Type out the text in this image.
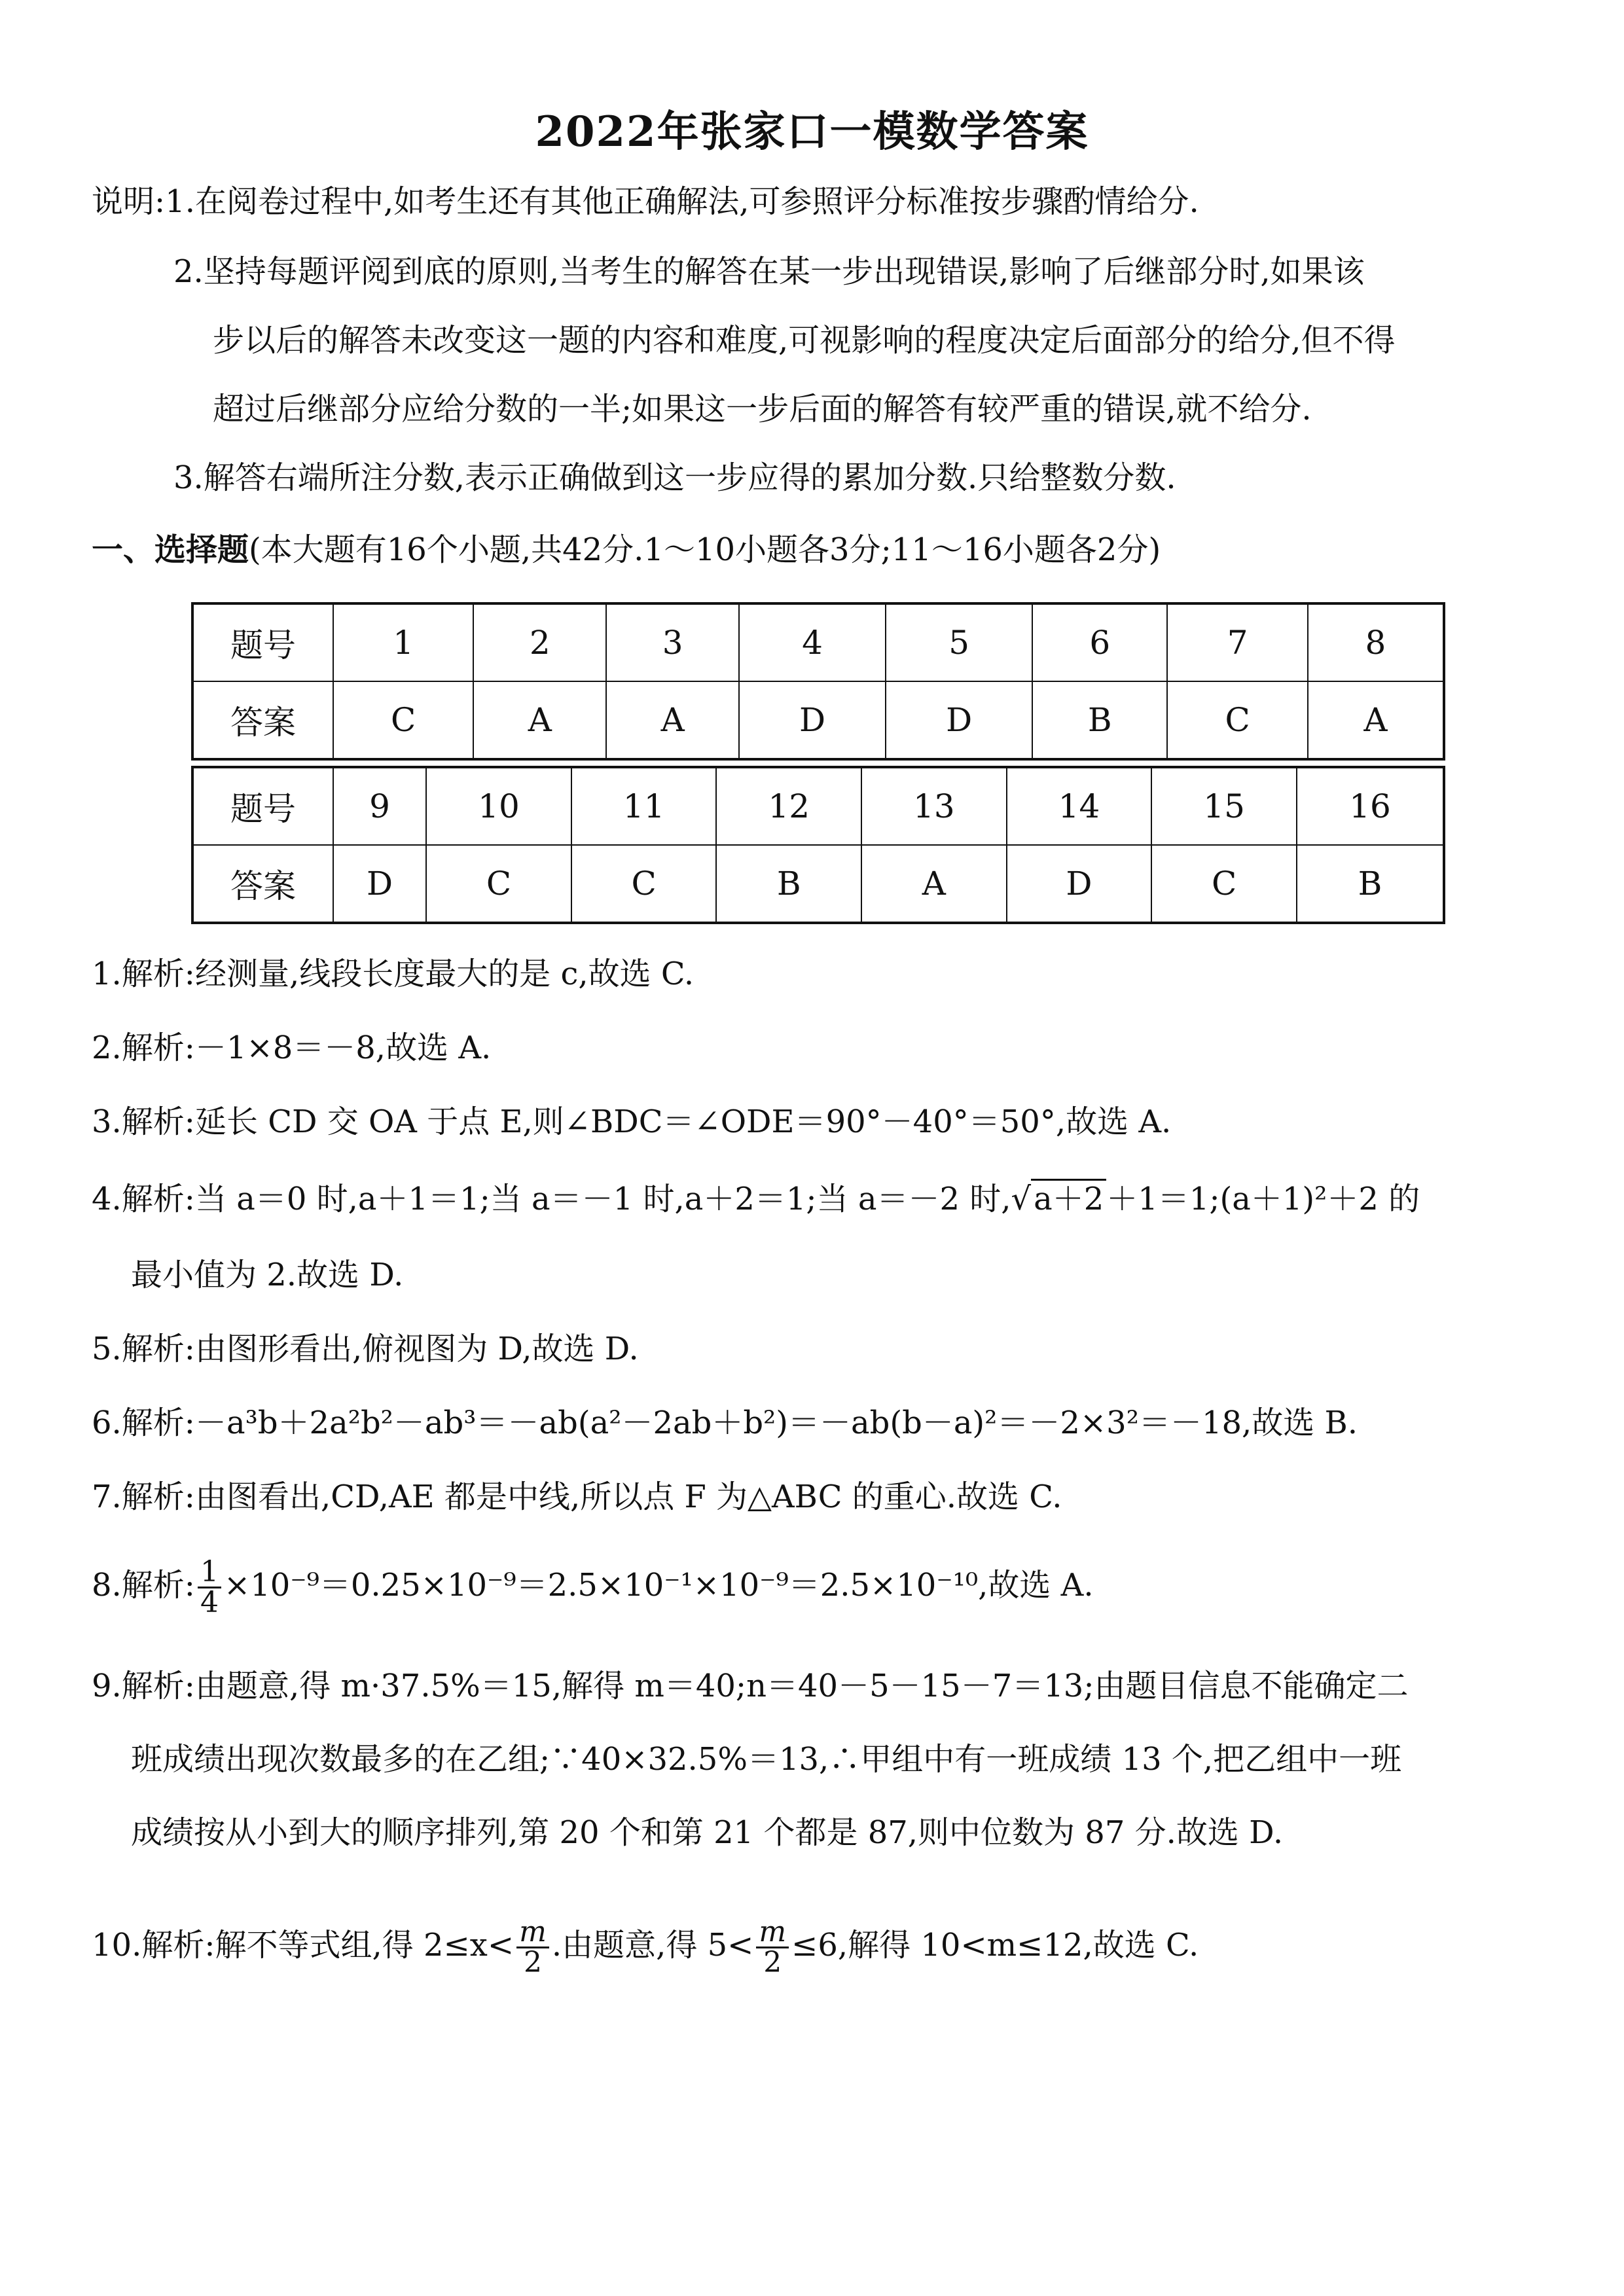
2022年张家口一模数学答案
说明:1.在阅卷过程中,如考生还有其他正确解法,可参照评分标准按步骤酌情给分.
2.坚持每题评阅到底的原则,当考生的解答在某一步出现错误,影响了后继部分时,如果该
步以后的解答未改变这一题的内容和难度,可视影响的程度决定后面部分的给分,但不得
超过后继部分应给分数的一半;如果这一步后面的解答有较严重的错误,就不给分.
3.解答右端所注分数,表示正确做到这一步应得的累加分数.只给整数分数.
一、选择题(本大题有16个小题,共42分.1～10小题各3分;11～16小题各2分)
题号	1	2	3	4	5	6	7	8
答案	C	A	A	D	D	B	C	A
题号	9	10	11	12	13	14	15	16
答案	D	C	C	B	A	D	C	B
1.解析:经测量,线段长度最大的是 c,故选 C.
2.解析:－1×8＝－8,故选 A.
3.解析:延长 CD 交 OA 于点 E,则∠BDC＝∠ODE＝90°－40°＝50°,故选 A.
4.解析:当 a＝0 时,a＋1＝1;当 a＝－1 时,a＋2＝1;当 a＝－2 时,√a＋2＋1＝1;(a＋1)²＋2 的
最小值为 2.故选 D.
5.解析:由图形看出,俯视图为 D,故选 D.
6.解析:－a³b＋2a²b²－ab³＝－ab(a²－2ab＋b²)＝－ab(b－a)²＝－2×3²＝－18,故选 B.
7.解析:由图看出,CD,AE 都是中线,所以点 F 为△ABC 的重心.故选 C.
8.解析: $\frac{1}{4} \times 10^{-9}=0.25\times 10^{-9}=2.5\times 10^{-1}\times 10^{-9}=2.5\times 10^{-10}$,故选 A.
9.解析:由题意,得 m·37.5%＝15,解得 m＝40;n＝40－5－15－7＝13;由题目信息不能确定二
班成绩出现次数最多的在乙组;∵40×32.5%＝13,∴甲组中有一班成绩 13 个,把乙组中一班
成绩按从小到大的顺序排列,第 20 个和第 21 个都是 87,则中位数为 87 分.故选 D.
10.解析:解不等式组,得 $2\le x< \frac{m}{2}$ .由题意,得 $5< \frac{m}{2} \le 6$,解得 10<m≤12,故选 C.
